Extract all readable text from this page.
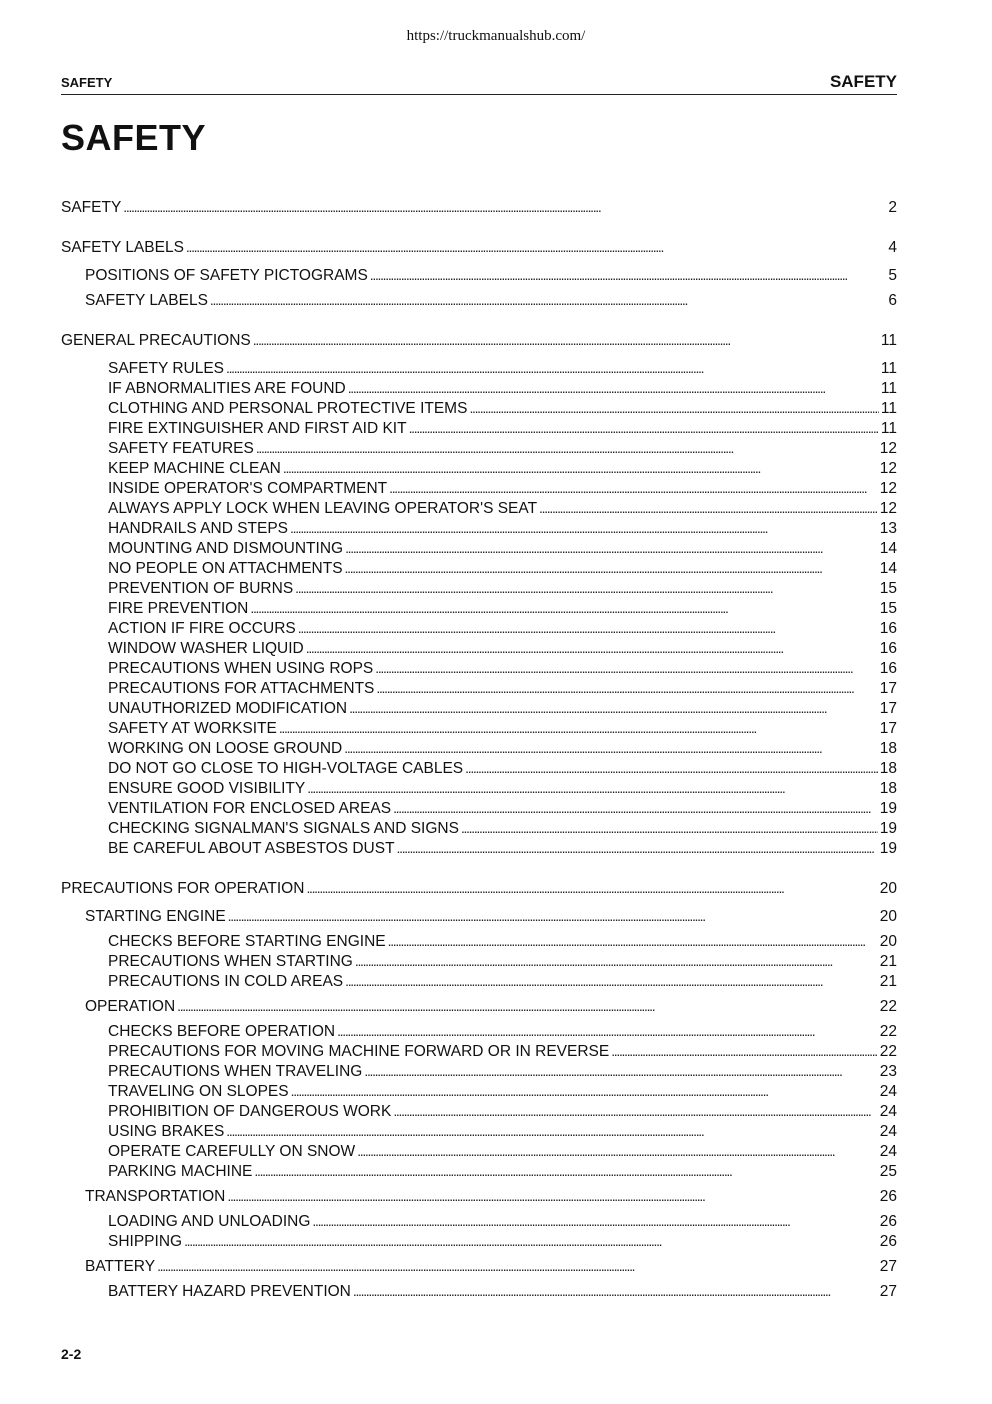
https://truckmanualshub.com/
SAFETY	SAFETY
SAFETY
SAFETY . . .	2
SAFETY LABELS . . .	4
POSITIONS OF SAFETY PICTOGRAMS . . .	5
SAFETY LABELS . . .	6
GENERAL PRECAUTIONS . . .	11
SAFETY RULES . . .	11
IF ABNORMALITIES ARE FOUND . . .	11
CLOTHING AND PERSONAL PROTECTIVE ITEMS . . .	11
FIRE EXTINGUISHER AND FIRST AID KIT . . .	11
SAFETY FEATURES . . .	12
KEEP MACHINE CLEAN . . .	12
INSIDE OPERATOR'S COMPARTMENT . . .	12
ALWAYS APPLY LOCK WHEN LEAVING OPERATOR'S SEAT . . .	12
HANDRAILS AND STEPS . . .	13
MOUNTING AND DISMOUNTING . . .	14
NO PEOPLE ON ATTACHMENTS . . .	14
PREVENTION OF BURNS . . .	15
FIRE PREVENTION . . .	15
ACTION IF FIRE OCCURS . . .	16
WINDOW WASHER LIQUID . . .	16
PRECAUTIONS WHEN USING ROPS . . .	16
PRECAUTIONS FOR ATTACHMENTS . . .	17
UNAUTHORIZED MODIFICATION . . .	17
SAFETY AT WORKSITE . . .	17
WORKING ON LOOSE GROUND . . .	18
DO NOT GO CLOSE TO HIGH-VOLTAGE CABLES . . .	18
ENSURE GOOD VISIBILITY . . .	18
VENTILATION FOR ENCLOSED AREAS . . .	19
CHECKING SIGNALMAN'S SIGNALS AND SIGNS . . .	19
BE CAREFUL ABOUT ASBESTOS DUST . . .	19
PRECAUTIONS FOR OPERATION . . .	20
STARTING ENGINE . . .	20
CHECKS BEFORE STARTING ENGINE . . .	20
PRECAUTIONS WHEN STARTING . . .	21
PRECAUTIONS IN COLD AREAS . . .	21
OPERATION . . .	22
CHECKS BEFORE OPERATION . . .	22
PRECAUTIONS FOR MOVING MACHINE FORWARD OR IN REVERSE . . .	22
PRECAUTIONS WHEN TRAVELING . . .	23
TRAVELING ON SLOPES . . .	24
PROHIBITION OF DANGEROUS WORK . . .	24
USING BRAKES . . .	24
OPERATE CAREFULLY ON SNOW . . .	24
PARKING MACHINE . . .	25
TRANSPORTATION . . .	26
LOADING AND UNLOADING . . .	26
SHIPPING . . .	26
BATTERY . . .	27
BATTERY HAZARD PREVENTION . . .	27
2-2
